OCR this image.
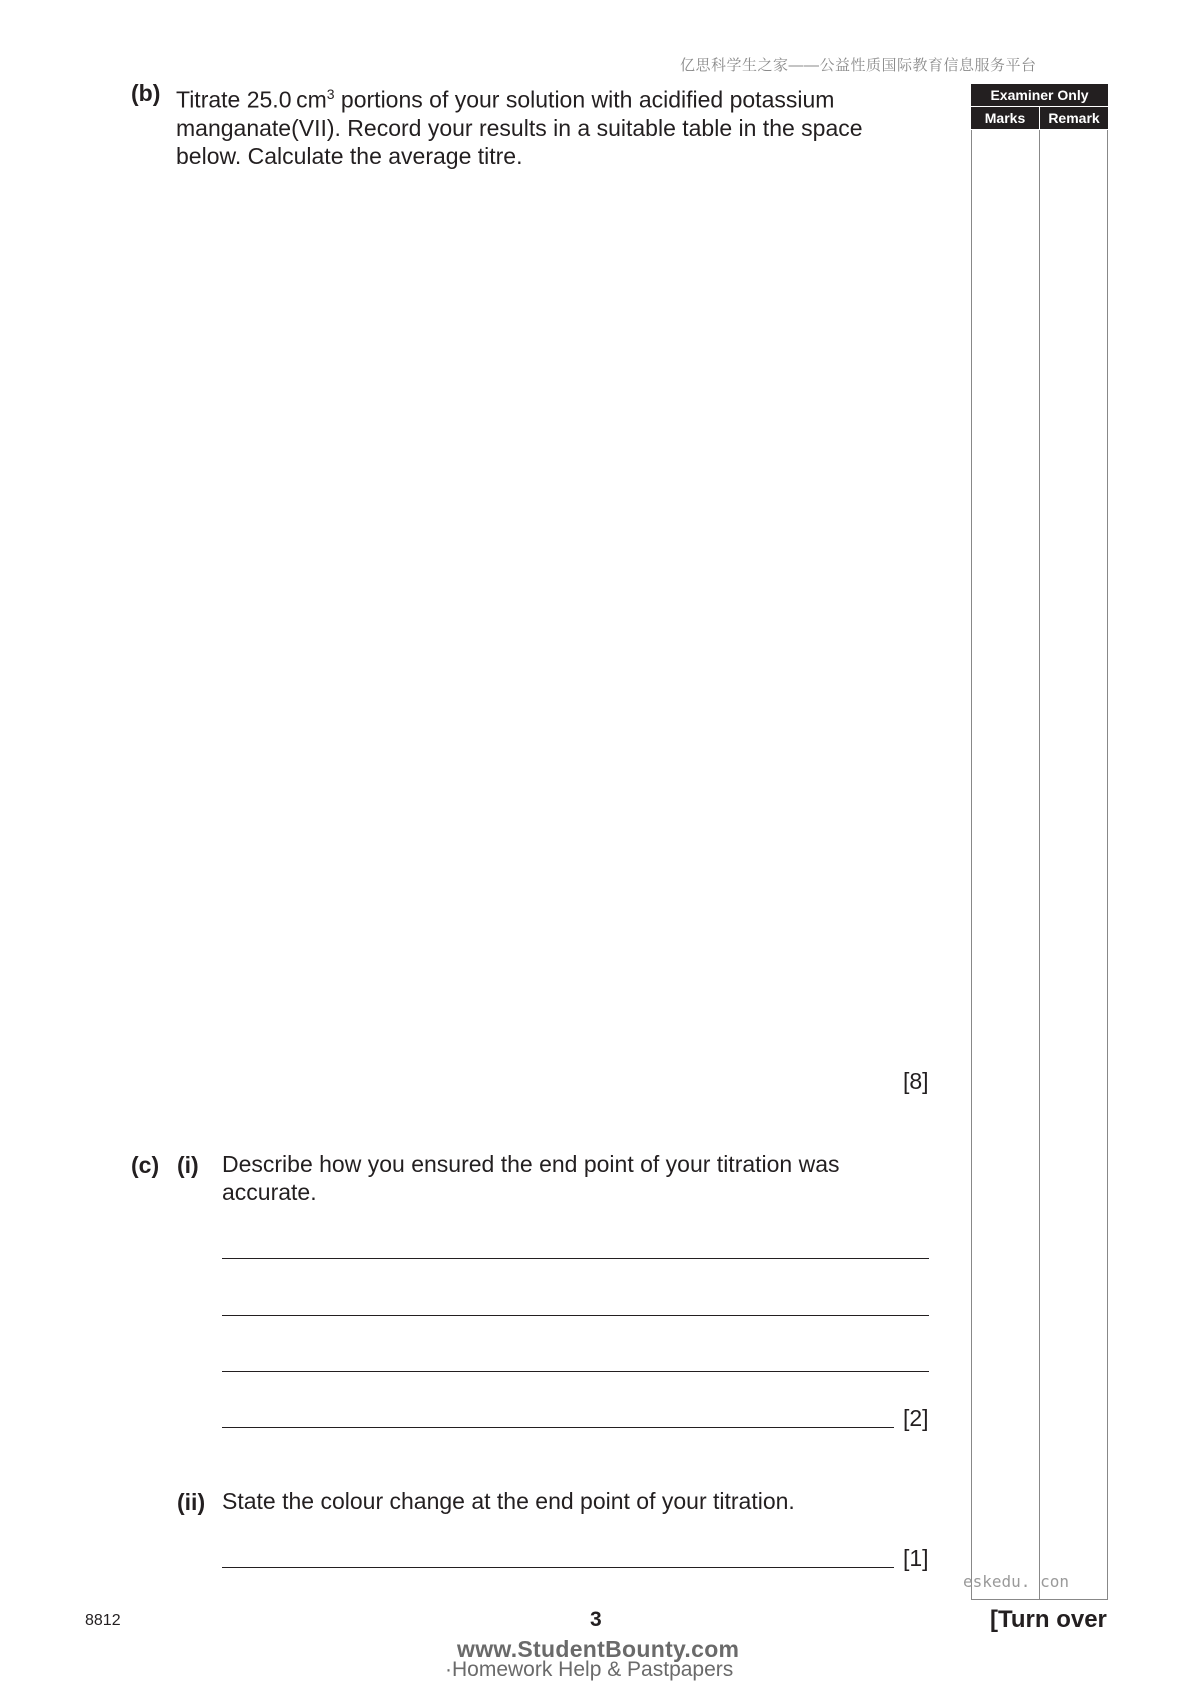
亿思科学生之家——公益性质国际教育信息服务平台
(b) Titrate 25.0 $cm^3$ portions of your solution with acidified potassium
manganate(VII). Record your results in a suitable table in the space
below. Calculate the average titre.
[8]
(c) (i) Describe how you ensured the end point of your titration was
accurate.
[2]
(ii) State the colour change at the end point of your titration.
[1]
Examiner Only
Marks	Remark
eskedu. con
8812	3	[Turn over
www.StudentBounty.com
·Homework Help & Pastpapers
